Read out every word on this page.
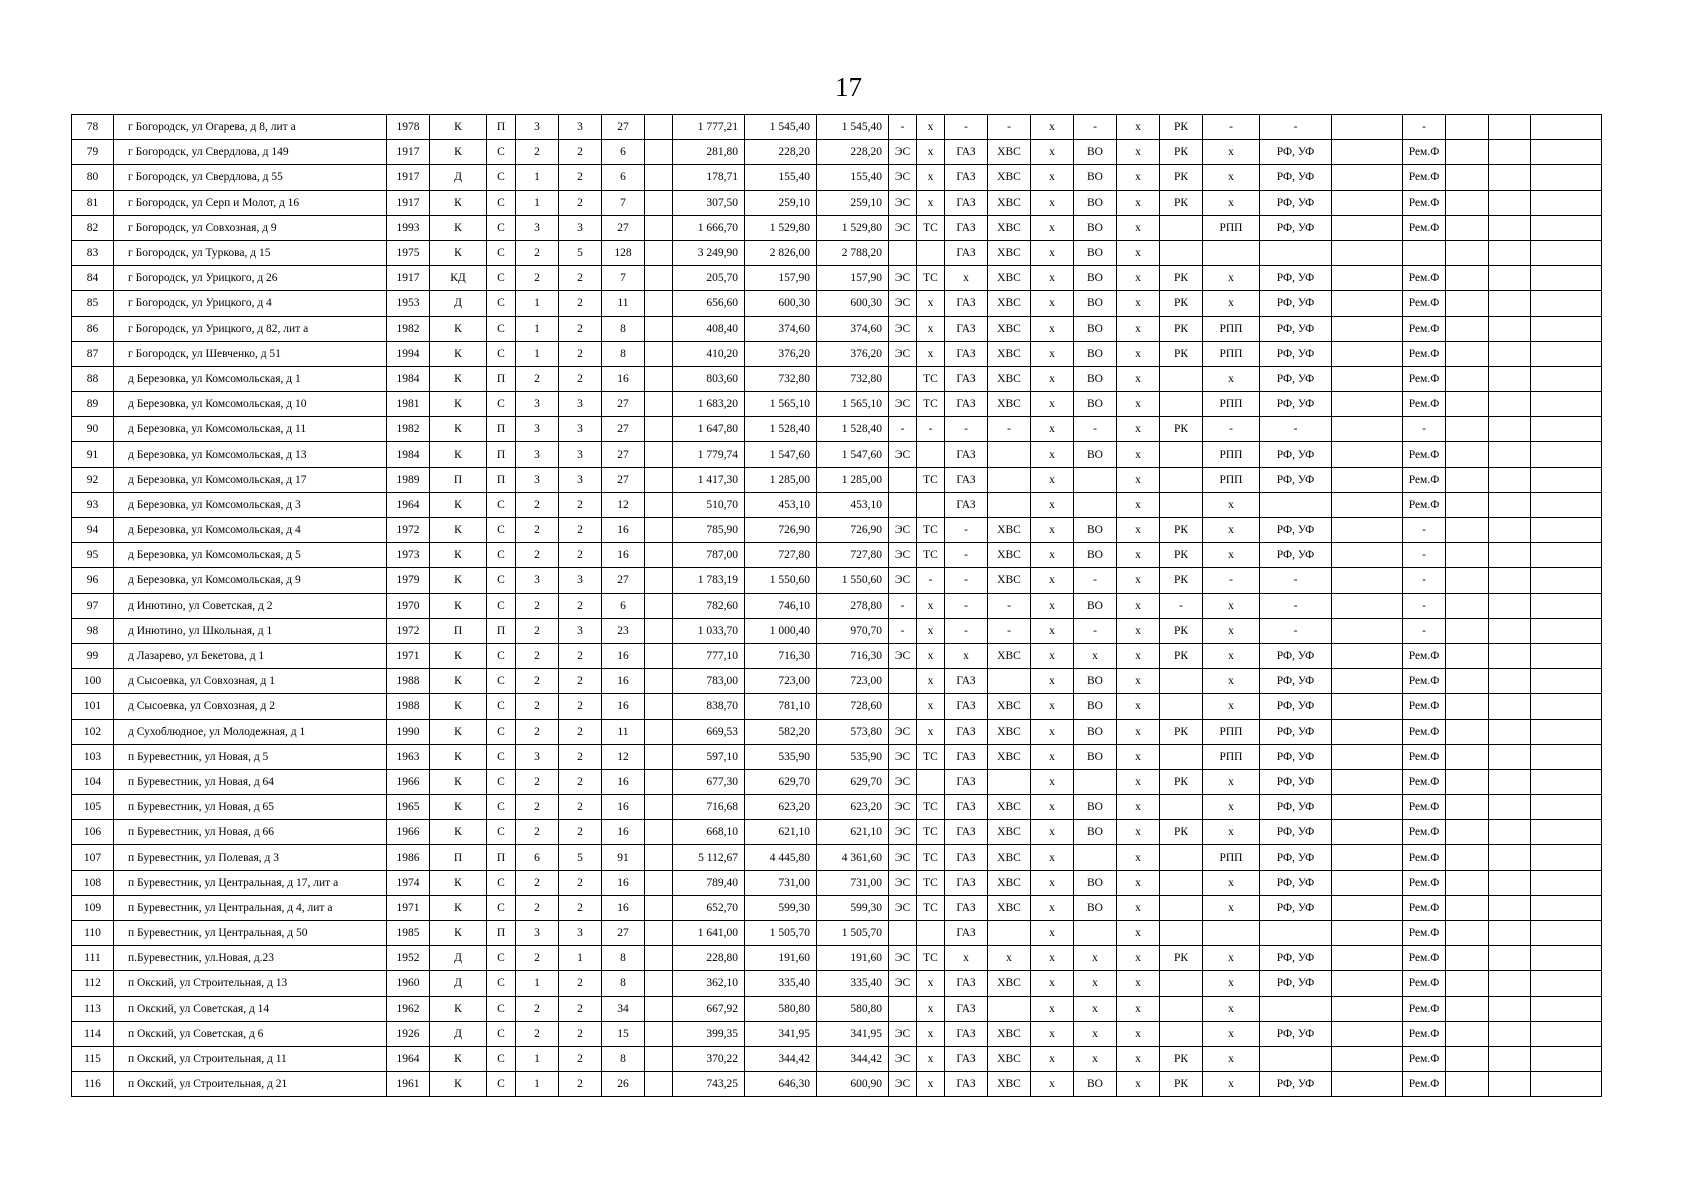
17
78	г Богородск, ул Огарева, д 8, лит а	1978	К	П	3	3	27		1 777,21	1 545,40	1 545,40	-	х	-	-	х	-	х	РК	-	-		-			
79	г Богородск, ул Свердлова, д 149	1917	К	С	2	2	6		281,80	228,20	228,20	ЭС	х	ГАЗ	ХВС	х	ВО	х	РК	х	РФ, УФ		Рем.Ф			
80	г Богородск, ул Свердлова, д 55	1917	Д	С	1	2	6		178,71	155,40	155,40	ЭС	х	ГАЗ	ХВС	х	ВО	х	РК	х	РФ, УФ		Рем.Ф			
81	г Богородск, ул Серп и Молот, д 16	1917	К	С	1	2	7		307,50	259,10	259,10	ЭС	х	ГАЗ	ХВС	х	ВО	х	РК	х	РФ, УФ		Рем.Ф			
82	г Богородск, ул Совхозная, д 9	1993	К	С	3	3	27		1 666,70	1 529,80	1 529,80	ЭС	ТС	ГАЗ	ХВС	х	ВО	х		РПП	РФ, УФ		Рем.Ф			
83	г Богородск, ул Туркова, д 15	1975	К	С	2	5	128		3 249,90	2 826,00	2 788,20			ГАЗ	ХВС	х	ВО	х								
84	г Богородск, ул Урицкого, д 26	1917	КД	С	2	2	7		205,70	157,90	157,90	ЭС	ТС	х	ХВС	х	ВО	х	РК	х	РФ, УФ		Рем.Ф			
85	г Богородск, ул Урицкого, д 4	1953	Д	С	1	2	11		656,60	600,30	600,30	ЭС	х	ГАЗ	ХВС	х	ВО	х	РК	х	РФ, УФ		Рем.Ф			
86	г Богородск, ул Урицкого, д 82, лит а	1982	К	С	1	2	8		408,40	374,60	374,60	ЭС	х	ГАЗ	ХВС	х	ВО	х	РК	РПП	РФ, УФ		Рем.Ф			
87	г Богородск, ул Шевченко, д 51	1994	К	С	1	2	8		410,20	376,20	376,20	ЭС	х	ГАЗ	ХВС	х	ВО	х	РК	РПП	РФ, УФ		Рем.Ф			
88	д Березовка, ул Комсомольская, д 1	1984	К	П	2	2	16		803,60	732,80	732,80		ТС	ГАЗ	ХВС	х	ВО	х		х	РФ, УФ		Рем.Ф			
89	д Березовка, ул Комсомольская, д 10	1981	К	С	3	3	27		1 683,20	1 565,10	1 565,10	ЭС	ТС	ГАЗ	ХВС	х	ВО	х		РПП	РФ, УФ		Рем.Ф			
90	д Березовка, ул Комсомольская, д 11	1982	К	П	3	3	27		1 647,80	1 528,40	1 528,40	-	-	-	-	х	-	х	РК	-	-		-			
91	д Березовка, ул Комсомольская, д 13	1984	К	П	3	3	27		1 779,74	1 547,60	1 547,60	ЭС		ГАЗ		х	ВО	х		РПП	РФ, УФ		Рем.Ф			
92	д Березовка, ул Комсомольская, д 17	1989	П	П	3	3	27		1 417,30	1 285,00	1 285,00		ТС	ГАЗ		х		х		РПП	РФ, УФ		Рем.Ф			
93	д Березовка, ул Комсомольская, д 3	1964	К	С	2	2	12		510,70	453,10	453,10			ГАЗ		х		х		х			Рем.Ф			
94	д Березовка, ул Комсомольская, д 4	1972	К	С	2	2	16		785,90	726,90	726,90	ЭС	ТС	-	ХВС	х	ВО	х	РК	х	РФ, УФ		-			
95	д Березовка, ул Комсомольская, д 5	1973	К	С	2	2	16		787,00	727,80	727,80	ЭС	ТС	-	ХВС	х	ВО	х	РК	х	РФ, УФ		-			
96	д Березовка, ул Комсомольская, д 9	1979	К	С	3	3	27		1 783,19	1 550,60	1 550,60	ЭС	-	-	ХВС	х	-	х	РК	-	-		-			
97	д Инютино, ул Советская, д 2	1970	К	С	2	2	6		782,60	746,10	278,80	-	х	-	-	х	ВО	х	-	х	-		-			
98	д Инютино, ул Школьная, д 1	1972	П	П	2	3	23		1 033,70	1 000,40	970,70	-	х	-	-	х	-	х	РК	х	-		-			
99	д Лазарево, ул Бекетова, д 1	1971	К	С	2	2	16		777,10	716,30	716,30	ЭС	х	х	ХВС	х	х	х	РК	х	РФ, УФ		Рем.Ф			
100	д Сысоевка, ул Совхозная, д 1	1988	К	С	2	2	16		783,00	723,00	723,00		х	ГАЗ		х	ВО	х		х	РФ, УФ		Рем.Ф			
101	д Сысоевка, ул Совхозная, д 2	1988	К	С	2	2	16		838,70	781,10	728,60		х	ГАЗ	ХВС	х	ВО	х		х	РФ, УФ		Рем.Ф			
102	д Сухоблюдное, ул Молодежная, д 1	1990	К	С	2	2	11		669,53	582,20	573,80	ЭС	х	ГАЗ	ХВС	х	ВО	х	РК	РПП	РФ, УФ		Рем.Ф			
103	п Буревестник, ул Новая, д 5	1963	К	С	3	2	12		597,10	535,90	535,90	ЭС	ТС	ГАЗ	ХВС	х	ВО	х		РПП	РФ, УФ		Рем.Ф			
104	п Буревестник, ул Новая, д 64	1966	К	С	2	2	16		677,30	629,70	629,70	ЭС		ГАЗ		х		х	РК	х	РФ, УФ		Рем.Ф			
105	п Буревестник, ул Новая, д 65	1965	К	С	2	2	16		716,68	623,20	623,20	ЭС	ТС	ГАЗ	ХВС	х	ВО	х		х	РФ, УФ		Рем.Ф			
106	п Буревестник, ул Новая, д 66	1966	К	С	2	2	16		668,10	621,10	621,10	ЭС	ТС	ГАЗ	ХВС	х	ВО	х	РК	х	РФ, УФ		Рем.Ф			
107	п Буревестник, ул Полевая, д 3	1986	П	П	6	5	91		5 112,67	4 445,80	4 361,60	ЭС	ТС	ГАЗ	ХВС	х		х		РПП	РФ, УФ		Рем.Ф			
108	п Буревестник, ул Центральная, д 17, лит а	1974	К	С	2	2	16		789,40	731,00	731,00	ЭС	ТС	ГАЗ	ХВС	х	ВО	х		х	РФ, УФ		Рем.Ф			
109	п Буревестник, ул Центральная, д 4, лит а	1971	К	С	2	2	16		652,70	599,30	599,30	ЭС	ТС	ГАЗ	ХВС	х	ВО	х		х	РФ, УФ		Рем.Ф			
110	п Буревестник, ул Центральная, д 50	1985	К	П	3	3	27		1 641,00	1 505,70	1 505,70			ГАЗ		х		х					Рем.Ф			
111	п.Буревестник, ул.Новая, д.23	1952	Д	С	2	1	8		228,80	191,60	191,60	ЭС	ТС	х	х	х	х	х	РК	х	РФ, УФ		Рем.Ф			
112	п Окский, ул Строительная, д 13	1960	Д	С	1	2	8		362,10	335,40	335,40	ЭС	х	ГАЗ	ХВС	х	х	х		х	РФ, УФ		Рем.Ф			
113	п Окский, ул Советская, д 14	1962	К	С	2	2	34		667,92	580,80	580,80		х	ГАЗ		х	х	х		х			Рем.Ф			
114	п Окский, ул Советская, д 6	1926	Д	С	2	2	15		399,35	341,95	341,95	ЭС	х	ГАЗ	ХВС	х	х	х		х	РФ, УФ		Рем.Ф			
115	п Окский, ул Строительная, д 11	1964	К	С	1	2	8		370,22	344,42	344,42	ЭС	х	ГАЗ	ХВС	х	х	х	РК	х			Рем.Ф			
116	п Окский, ул Строительная, д 21	1961	К	С	1	2	26		743,25	646,30	600,90	ЭС	х	ГАЗ	ХВС	х	ВО	х	РК	х	РФ, УФ		Рем.Ф			
